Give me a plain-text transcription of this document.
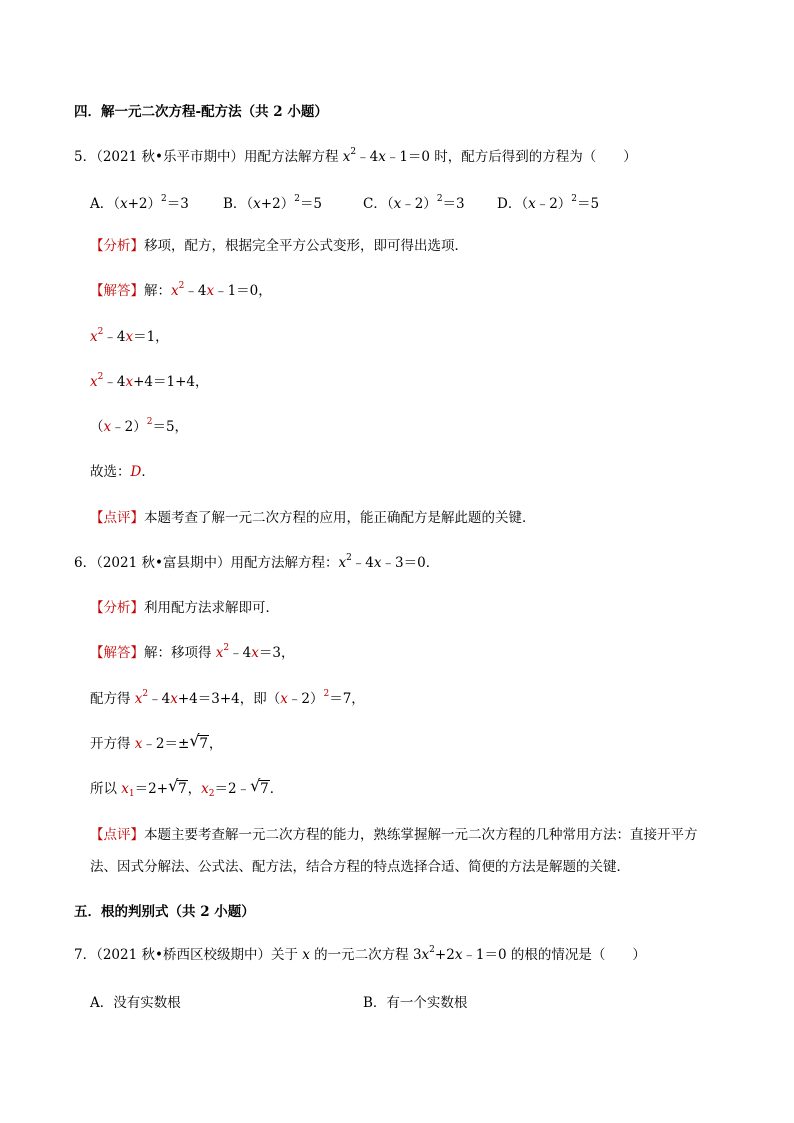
四．解一元二次方程-配方法（共 2 小题）
5．（2021 秋•乐平市期中）用配方法解方程 $x^2﹣4x﹣1=0$ 时，配方后得到的方程为（　　）
A．$(x+2)^2=3$	B．$(x+2)^2=5$	C．（x﹣2）$^2$＝3 D．（x﹣2）$^2$＝5
【分析】移项，配方，根据完全平方公式变形，即可得出选项．
【解答】解：$x^2﹣4x﹣1=0$，
$x^2﹣4x=1$，
$x^2﹣4x+4=1+4$，
（x﹣2）$^2$＝5，
故选：D．
【点评】本题考查了解一元二次方程的应用，能正确配方是解此题的关键．
6．（2021 秋•富县期中）用配方法解方程：$x^2﹣4x﹣3=0$．
【分析】利用配方法求解即可．
【解答】解：移项得 $x^2﹣4x=3$，
配方得 $x^2﹣4x+4=3+4$，即（x﹣2）$^2$＝7，
开方得 x﹣2＝±√ 7，
所以 $x_1=2+√$ 7，$x_2=2﹣√$ 7．
【点评】本题主要考查解一元二次方程的能力，熟练掌握解一元二次方程的几种常用方法：直接开平方
法、因式分解法、公式法、配方法，结合方程的特点选择合适、简便的方法是解题的关键．
五．根的判别式（共 2 小题）
7．（2021 秋•桥西区校级期中）关于 x 的一元二次方程 $3x^2+2x﹣1=0$ 的根的情况是（　　）
A．没有实数根	B．有一个实数根
